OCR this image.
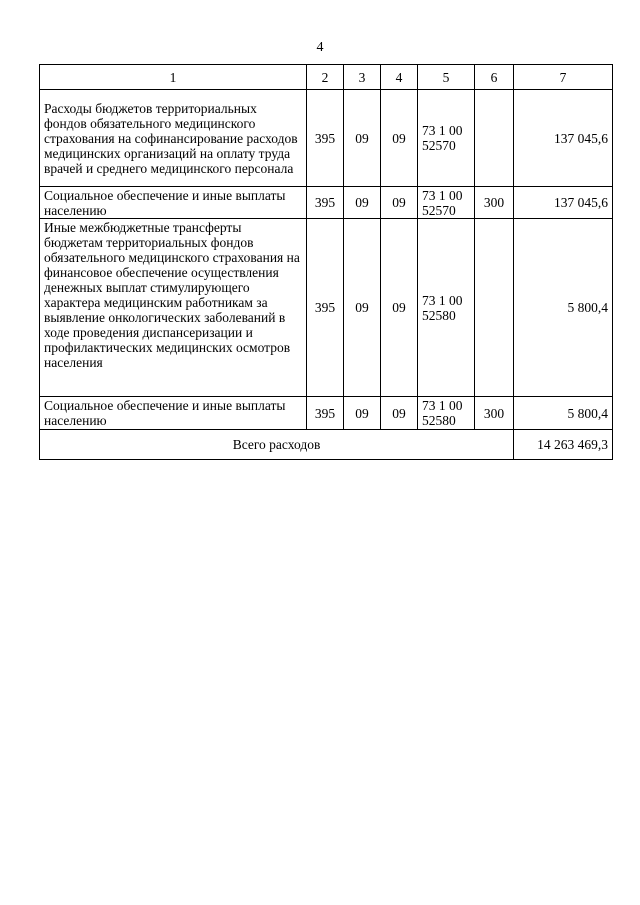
4
1	2	3	4	5	6	7
Расходы бюджетов территориальных фондов обязательного медицинского страхования на софинансирование расходов медицинских организаций на оплату труда врачей и среднего медицинского персонала	395	09	09	73 1 00 52570		137 045,6
Социальное обеспечение и иные выплаты населению	395	09	09	73 1 00 52570	300	137 045,6
Иные межбюджетные трансферты бюджетам территориальных фондов обязательного медицинского страхования на финансовое обеспечение осуществления денежных выплат стимулирующего характера медицинским работникам за выявление онкологических заболеваний в ходе проведения диспансеризации и профилактических медицинских осмотров населения	395	09	09	73 1 00 52580		5 800,4
Социальное обеспечение и иные выплаты населению	395	09	09	73 1 00 52580	300	5 800,4
Всего расходов						14 263 469,3
